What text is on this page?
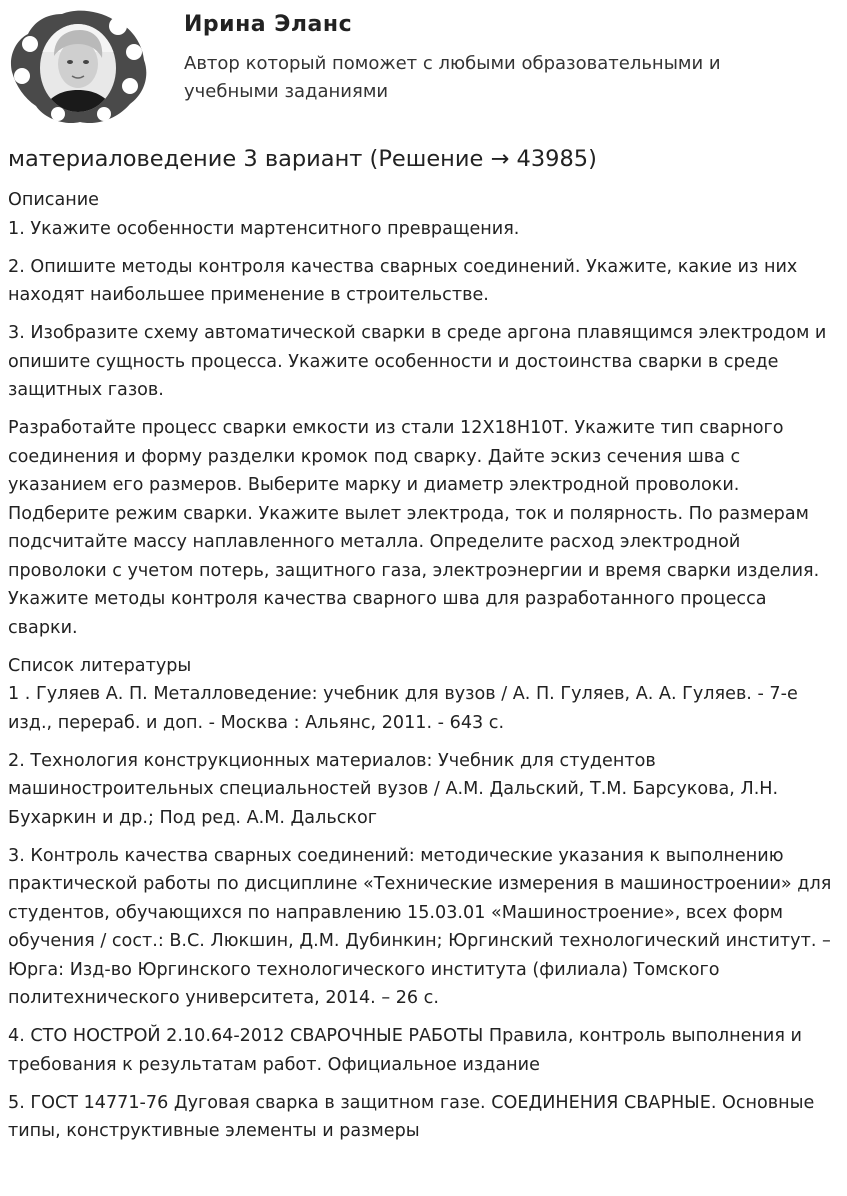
Ирина Эланс
Автор который поможет с любыми образовательными и учебными заданиями
материаловедение 3 вариант (Решение → 43985)
Описание
1. Укажите особенности мартенситного превращения.
2. Опишите методы контроля качества сварных соединений. Укажите, какие из них находят наибольшее применение в строительстве.
3. Изобразите схему автоматической сварки в среде аргона плавящимся электродом и опишите сущность процесса. Укажите особенности и достоинства сварки в среде защитных газов.
Разработайте процесс сварки емкости из стали 12Х18Н10Т. Укажите тип сварного соединения и форму разделки кромок под сварку. Дайте эскиз сечения шва с указанием его размеров. Выберите марку и диаметр электродной проволоки. Подберите режим сварки. Укажите вылет электрода, ток и полярность. По размерам подсчитайте массу наплавленного металла. Определите расход электродной проволоки с учетом потерь, защитного газа, электроэнергии и время сварки изделия. Укажите методы контроля качества сварного шва для разработанного процесса сварки.
Список литературы
1 . Гуляев А. П. Металловедение: учебник для вузов / А. П. Гуляев, А. А. Гуляев. - 7-е изд., перераб. и доп. - Москва : Альянс, 2011. - 643 с.
2. Технология конструкционных материалов: Учебник для студентов машиностроительных специальностей вузов / А.М. Дальский, Т.М. Барсукова, Л.Н. Бухаркин и др.; Под ред. А.М. Дальског
3. Контроль качества сварных соединений: методические указания к выполнению практической работы по дисциплине «Технические измерения в машиностроении» для студентов, обучающихся по направлению 15.03.01 «Машиностроение», всех форм обучения / сост.: В.С. Люкшин, Д.М. Дубинкин; Юргинский технологический институт. – Юрга: Изд-во Юргинского технологического института (филиала) Томского политехнического университета, 2014. – 26 с.
4. СТО НОСТРОЙ 2.10.64-2012 СВАРОЧНЫЕ РАБОТЫ Правила, контроль выполнения и требования к результатам работ. Официальное издание
5. ГОСТ 14771-76 Дуговая сварка в защитном газе. СОЕДИНЕНИЯ СВАРНЫЕ. Основные типы, конструктивные элементы и размеры
